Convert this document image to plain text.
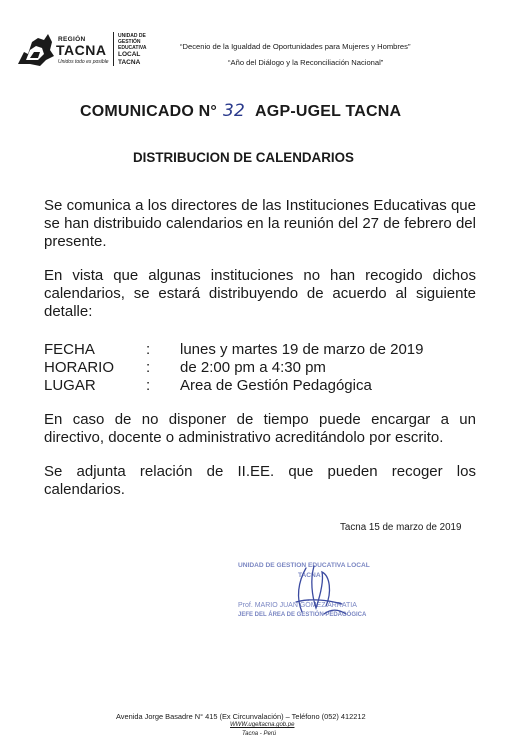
REGIÓN
TACNA
Unidos todo es posible
UNIDAD DE
GESTIÓN
EDUCATIVA
LOCAL TACNA
“Decenio de la Igualdad de Oportunidades para Mujeres y Hombres”
“Año del Diálogo y la Reconciliación Nacional”
COMUNICADO N° 32 AGP-UGEL TACNA
DISTRIBUCION DE CALENDARIOS
Se comunica a los directores de las Instituciones Educativas que se han distribuido calendarios en la reunión del 27 de febrero del presente.
En vista que algunas instituciones no han recogido dichos calendarios, se estará distribuyendo de acuerdo al siguiente detalle:
FECHA	: lunes y martes 19 de marzo de 2019
HORARIO : de 2:00 pm a 4:30 pm
LUGAR	: Area de Gestión Pedagógica
En caso de no disponer de tiempo puede encargar a un directivo, docente o administrativo acreditándolo por escrito.
Se adjunta relación de II.EE. que pueden recoger los calendarios.
Tacna 15 de marzo de 2019
UNIDAD DE GESTION EDUCATIVA LOCAL
TACNA
Prof. MARIO JUAN GÓMEZ ARRATIA
JEFE DEL ÁREA DE GESTIÓN PEDAGÓGICA
Avenida Jorge Basadre N° 415 (Ex Circunvalación) – Teléfono (052) 412212
WWW.ugeltacna.gob.pe
Tacna - Perú
